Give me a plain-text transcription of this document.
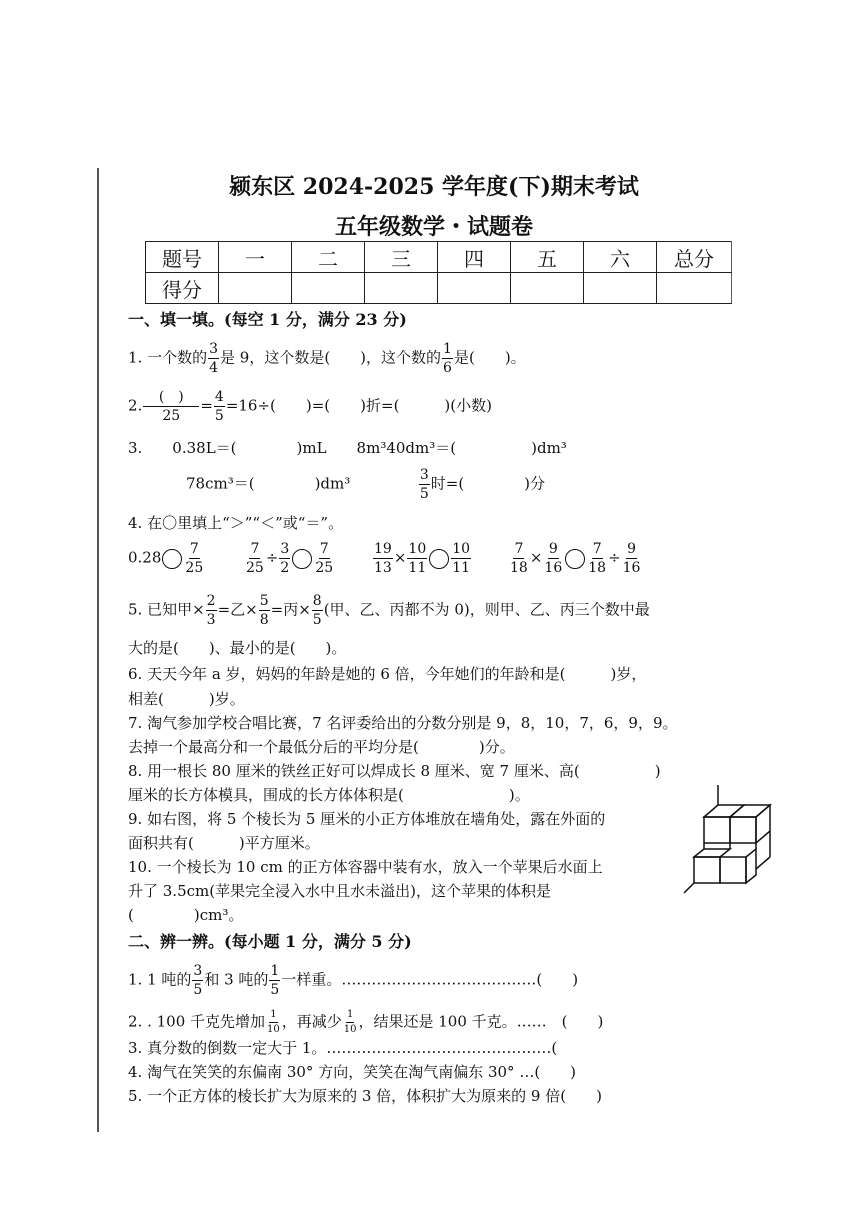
颍东区 2024-2025 学年度(下)期末考试
五年级数学・试题卷
题号	一	二	三	四	五	六	总分
得分							
一、填一填。(每空 1 分，满分 23 分)
1. 一个数的 $\frac{3}{4}$ 是 9，这个数是(　　)，这个数的 $\frac{1}{6}$ 是(　　)。
2. $\frac{( )}{25} = \frac{4}{5} =16\div$(　　)=(　　)折=(　　　)(小数)
3.　　0.38L＝(　　　　)mL　　8m³40dm³＝(　　　　　)dm³
78cm³＝(　　　　)dm³	$\frac{3}{5}$ 时=(　　　　)分
4. 在〇里填上“＞”“＜”或“＝”。
$0.28 \frac{7}{25}$	$\frac{7}{25} \div \frac{3}{2} \frac{7}{25}$	$\frac{19}{13} \times \frac{10}{11} \frac{10}{11}$	$\frac{7}{18} \times \frac{9}{16} \frac{7}{18} \div \frac{9}{16}$
5. 已知甲× $\frac{2}{3}$ =乙× $\frac{5}{8}$ =丙× $\frac{8}{5}$ (甲、乙、丙都不为 0)，则甲、乙、丙三个数中最
大的是(　　)、最小的是(　　)。
6. 天天今年 a 岁，妈妈的年龄是她的 6 倍，今年她们的年龄和是(　　　)岁，
相差(　　　)岁。
7. 淘气参加学校合唱比赛，7 名评委给出的分数分别是 9，8，10，7，6，9，9。
去掉一个最高分和一个最低分后的平均分是(　　　　)分。
8. 用一根长 80 厘米的铁丝正好可以焊成长 8 厘米、宽 7 厘米、高(　　　　　)
厘米的长方体模具，围成的长方体体积是(　　　　　　　)。
9. 如右图，将 5 个棱长为 5 厘米的小正方体堆放在墙角处，露在外面的
面积共有(　　　)平方厘米。
10. 一个棱长为 10 cm 的正方体容器中装有水，放入一个苹果后水面上
升了 3.5cm(苹果完全浸入水中且水未溢出)，这个苹果的体积是
(　　　　)cm³。
二、辨一辨。(每小题 1 分，满分 5 分)
1. 1 吨的 $\frac{3}{5}$ 和 3 吨的 $\frac{1}{5}$ 一样重。…………………………………(　　)
2. . 100 千克先增加 $\frac{1}{10}$ ，再减少 $\frac{1}{10}$ ，结果还是 100 千克。……　(　　)
3. 真分数的倒数一定大于 1。………………………………………(
4. 淘气在笑笑的东偏南 30° 方向，笑笑在淘气南偏东 30° …(　　)
5. 一个正方体的棱长扩大为原来的 3 倍，体积扩大为原来的 9 倍(　　)
